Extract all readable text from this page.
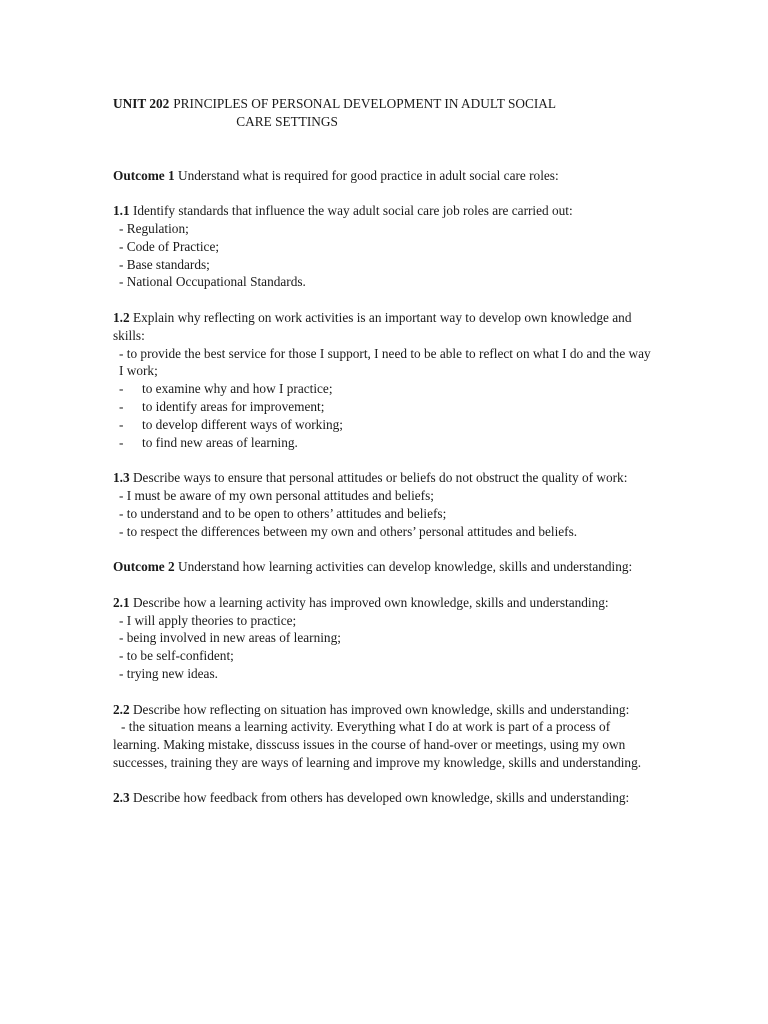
UNIT 202 PRINCIPLES OF PERSONAL DEVELOPMENT IN ADULT SOCIAL
CARE SETTINGS
Outcome 1 Understand what is required for good practice in adult social care roles:
1.1 Identify standards that influence the way adult social care job roles are carried out:
- Regulation;
- Code of Practice;
- Base standards;
- National Occupational Standards.
1.2 Explain why reflecting on work activities is an important way to develop own knowledge and skills:
- to provide the best service for those I support, I need to be able to reflect on what I do and the way I work;
-	to examine why and how I practice;
-	to identify areas for improvement;
-	to develop different ways of working;
-	to find new areas of learning.
1.3 Describe ways to ensure that personal attitudes or beliefs do not obstruct the quality of work:
- I must be aware of my own personal attitudes and beliefs;
- to understand and to be open to others’ attitudes and beliefs;
- to respect the differences between my own and others’ personal attitudes and beliefs.
Outcome 2 Understand how learning activities can develop knowledge, skills and understanding:
2.1 Describe how a learning activity has improved own knowledge, skills and understanding:
- I will apply theories to practice;
- being involved in new areas of learning;
- to be self-confident;
- trying new ideas.
2.2 Describe how reflecting on situation has improved own knowledge, skills and understanding:
- the situation means a learning activity. Everything what I do at work is part of a process of learning. Making mistake, disscuss issues in the course of hand-over or meetings, using my own successes, training they are ways of learning and improve my knowledge, skills and understanding.
2.3 Describe how feedback from others has developed own knowledge, skills and understanding:
